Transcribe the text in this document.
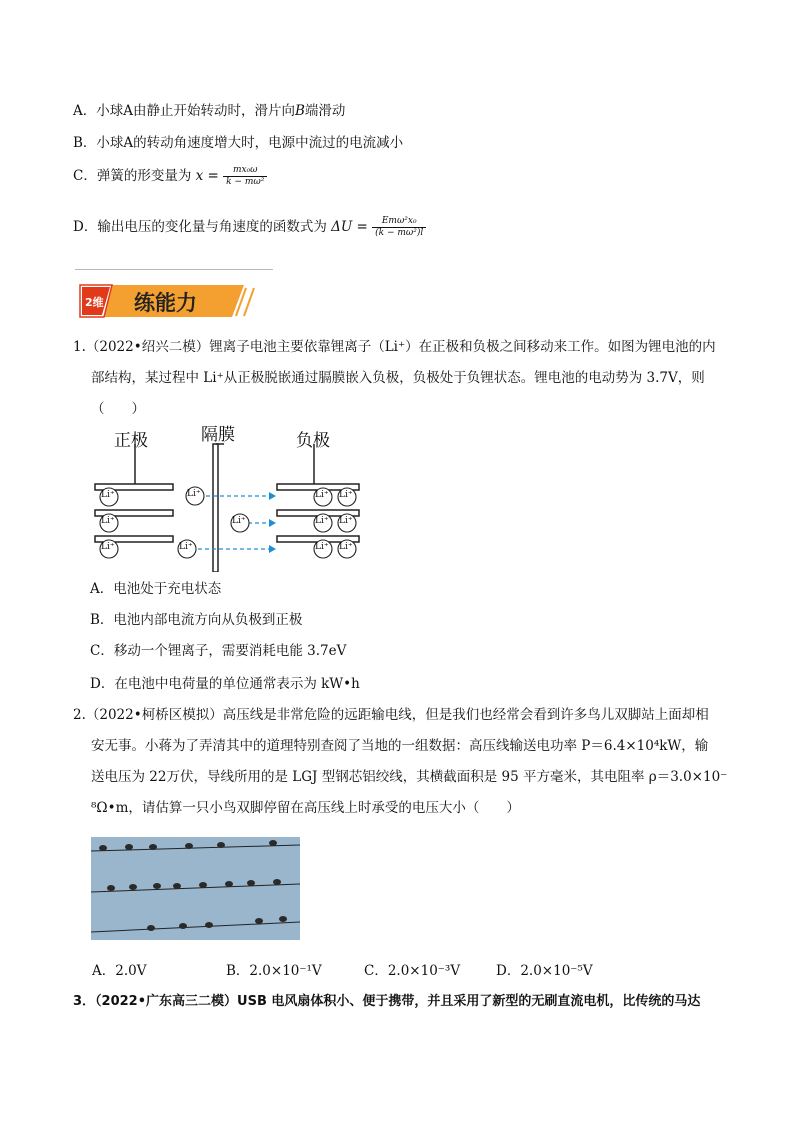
A．小球A由静止开始转动时，滑片向B端滑动
B．小球A的转动角速度增大时，电源中流过的电流减小
C．弹簧的形变量为 $x = \frac{\text{mx₀ω}}{\text{k − mω²}}$
D．输出电压的变化量与角速度的函数式为 $\Delta U = \frac{\text{Emω²x₀}}{\text{(k − mω²)l}}$
2维 练能力
1.（2022•绍兴二模）锂离子电池主要依靠锂离子（Li⁺）在正极和负极之间移动来工作。如图为锂电池的内
部结构，某过程中 Li⁺从正极脱嵌通过膈膜嵌入负极，负极处于负锂状态。锂电池的电动势为 3.7V，则
（　　）
正极	隔膜	负极
Li⁺
Li⁺
Li⁺
Li⁺
Li⁺
Li⁺
Li⁺ Li⁺
Li⁺ Li⁺
Li⁺ Li⁺
A．电池处于充电状态
B．电池内部电流方向从负极到正极
C．移动一个锂离子，需要消耗电能 3.7eV
D．在电池中电荷量的单位通常表示为 kW•h
2.（2022•柯桥区模拟）高压线是非常危险的远距输电线，但是我们也经常会看到许多鸟儿双脚站上面却相
安无事。小蒋为了弄清其中的道理特别查阅了当地的一组数据：高压线输送电功率 P＝6.4×10⁴kW，输
送电压为 22万伏，导线所用的是 LGJ 型钢芯铝绞线，其横截面积是 95 平方毫米，其电阻率 ρ＝3.0×10⁻
⁸Ω•m，请估算一只小鸟双脚停留在高压线上时承受的电压大小（　　）
A．2.0V	B．2.0×10⁻¹V	C．2.0×10⁻³V	D．2.0×10⁻⁵V
3．（2022•广东高三二模）USB 电风扇体积小、便于携带，并且采用了新型的无刷直流电机，比传统的马达
